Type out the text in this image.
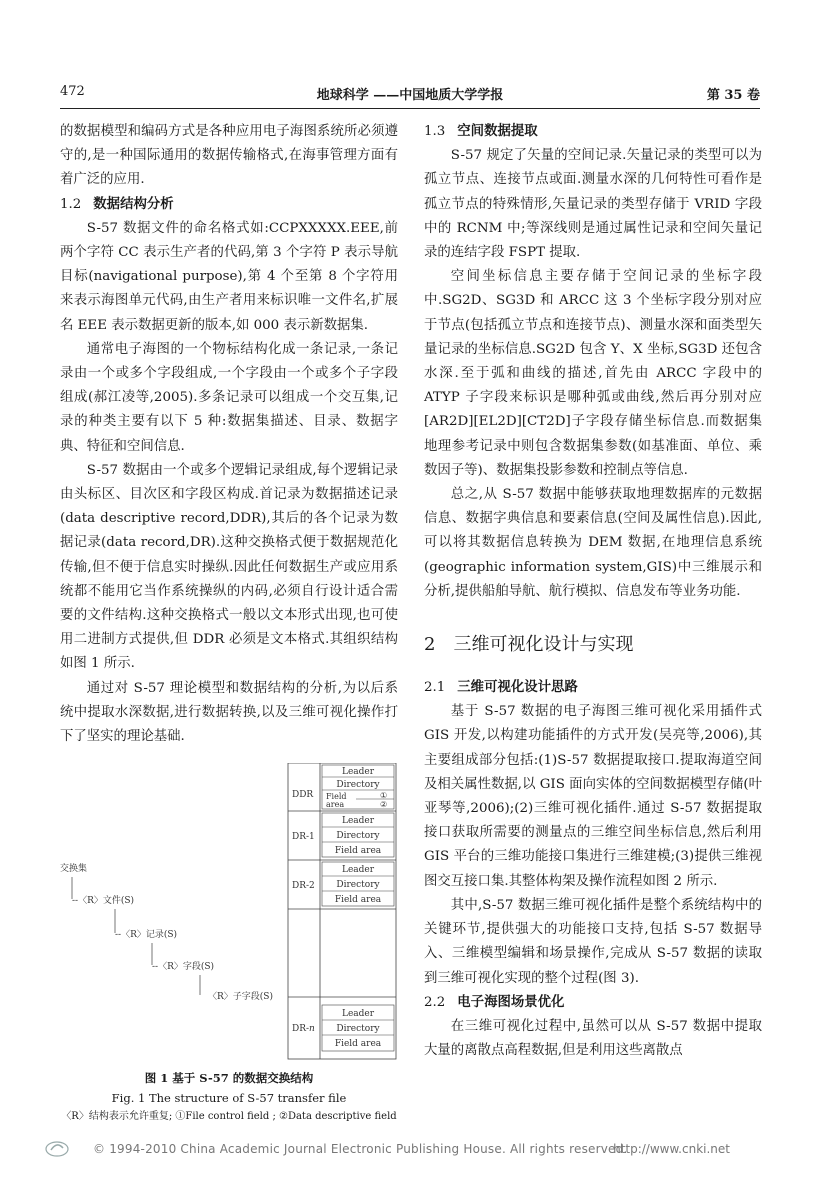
472	地球科学 ——中国地质大学学报	第 35 卷

的数据模型和编码方式是各种应用电子海图系统所必须遵守的,是一种国际通用的数据传输格式,在海事管理方面有着广泛的应用.

1.2 数据结构分析

S-57 数据文件的命名格式如:CCPXXXXX.EEE,前两个字符 CC 表示生产者的代码,第 3 个字符 P 表示导航目标(navigational purpose),第 4 个至第 8 个字符用来表示海图单元代码,由生产者用来标识唯一文件名,扩展名 EEE 表示数据更新的版本,如 000 表示新数据集.

通常电子海图的一个物标结构化成一条记录,一条记录由一个或多个字段组成,一个字段由一个或多个子字段组成(郝江凌等,2005).多条记录可以组成一个交互集,记录的种类主要有以下 5 种:数据集描述、目录、数据字典、特征和空间信息.

S-57 数据由一个或多个逻辑记录组成,每个逻辑记录由头标区、目次区和字段区构成.首记录为数据描述记录(data descriptive record,DDR),其后的各个记录为数据记录(data record,DR).这种交换格式便于数据规范化传输,但不便于信息实时操纵.因此任何数据生产或应用系统都不能用它当作系统操纵的内码,必须自行设计适合需要的文件结构.这种交换格式一般以文本形式出现,也可使用二进制方式提供,但 DDR 必须是文本格式.其组织结构如图 1 所示.

通过对 S-57 理论模型和数据结构的分析,为以后系统中提取水深数据,进行数据转换,以及三维可视化操作打下了坚实的理论基础.

交换集
--〈R〉文件(S)
--〈R〉记录(S)
--〈R〉字段(S)
〈R〉子字段(S)
DDR
Leader
Directory
Field
area
①
②
DR-1
Leader
Directory
Field area
DR-2
Leader
Directory
Field area
DR-n
Leader
Directory
Field area
图 1 基于 S-57 的数据交换结构
Fig. 1 The structure of S-57 transfer file
〈R〉结构表示允许重复; ①File control field ; ②Data descriptive field
1.3 空间数据提取

S-57 规定了矢量的空间记录.矢量记录的类型可以为孤立节点、连接节点或面.测量水深的几何特性可看作是孤立节点的特殊情形,矢量记录的类型存储于 VRID 字段中的 RCNM 中;等深线则是通过属性记录和空间矢量记录的连结字段 FSPT 提取.

空间坐标信息主要存储于空间记录的坐标字段中.SG2D、SG3D 和 ARCC 这 3 个坐标字段分别对应于节点(包括孤立节点和连接节点)、测量水深和面类型矢量记录的坐标信息.SG2D 包含 Y、X 坐标,SG3D 还包含水深.至于弧和曲线的描述,首先由 ARCC 字段中的 ATYP 子字段来标识是哪种弧或曲线,然后再分别对应[AR2D][EL2D][CT2D]子字段存储坐标信息.而数据集地理参考记录中则包含数据集参数(如基准面、单位、乘数因子等)、数据集投影参数和控制点等信息.

总之,从 S-57 数据中能够获取地理数据库的元数据信息、数据字典信息和要素信息(空间及属性信息).因此,可以将其数据信息转换为 DEM 数据,在地理信息系统(geographic information system,GIS)中三维展示和分析,提供船舶导航、航行模拟、信息发布等业务功能.

2 三维可视化设计与实现
2.1 三维可视化设计思路

基于 S-57 数据的电子海图三维可视化采用插件式 GIS 开发,以构建功能插件的方式开发(吴亮等,2006),其主要组成部分包括:(1)S-57 数据提取接口.提取海道空间及相关属性数据,以 GIS 面向实体的空间数据模型存储(叶亚琴等,2006);(2)三维可视化插件.通过 S-57 数据提取接口获取所需要的测量点的三维空间坐标信息,然后利用 GIS 平台的三维功能接口集进行三维建模;(3)提供三维视图交互接口集.其整体构架及操作流程如图 2 所示.

其中,S-57 数据三维可视化插件是整个系统结构中的关键环节,提供强大的功能接口支持,包括 S-57 数据导入、三维模型编辑和场景操作,完成从 S-57 数据的读取到三维可视化实现的整个过程(图 3).

2.2 电子海图场景优化

在三维可视化过程中,虽然可以从 S-57 数据中提取大量的离散点高程数据,但是利用这些离散点

© 1994-2010 China Academic Journal Electronic Publishing House. All rights reserved.
http://www.cnki.net
